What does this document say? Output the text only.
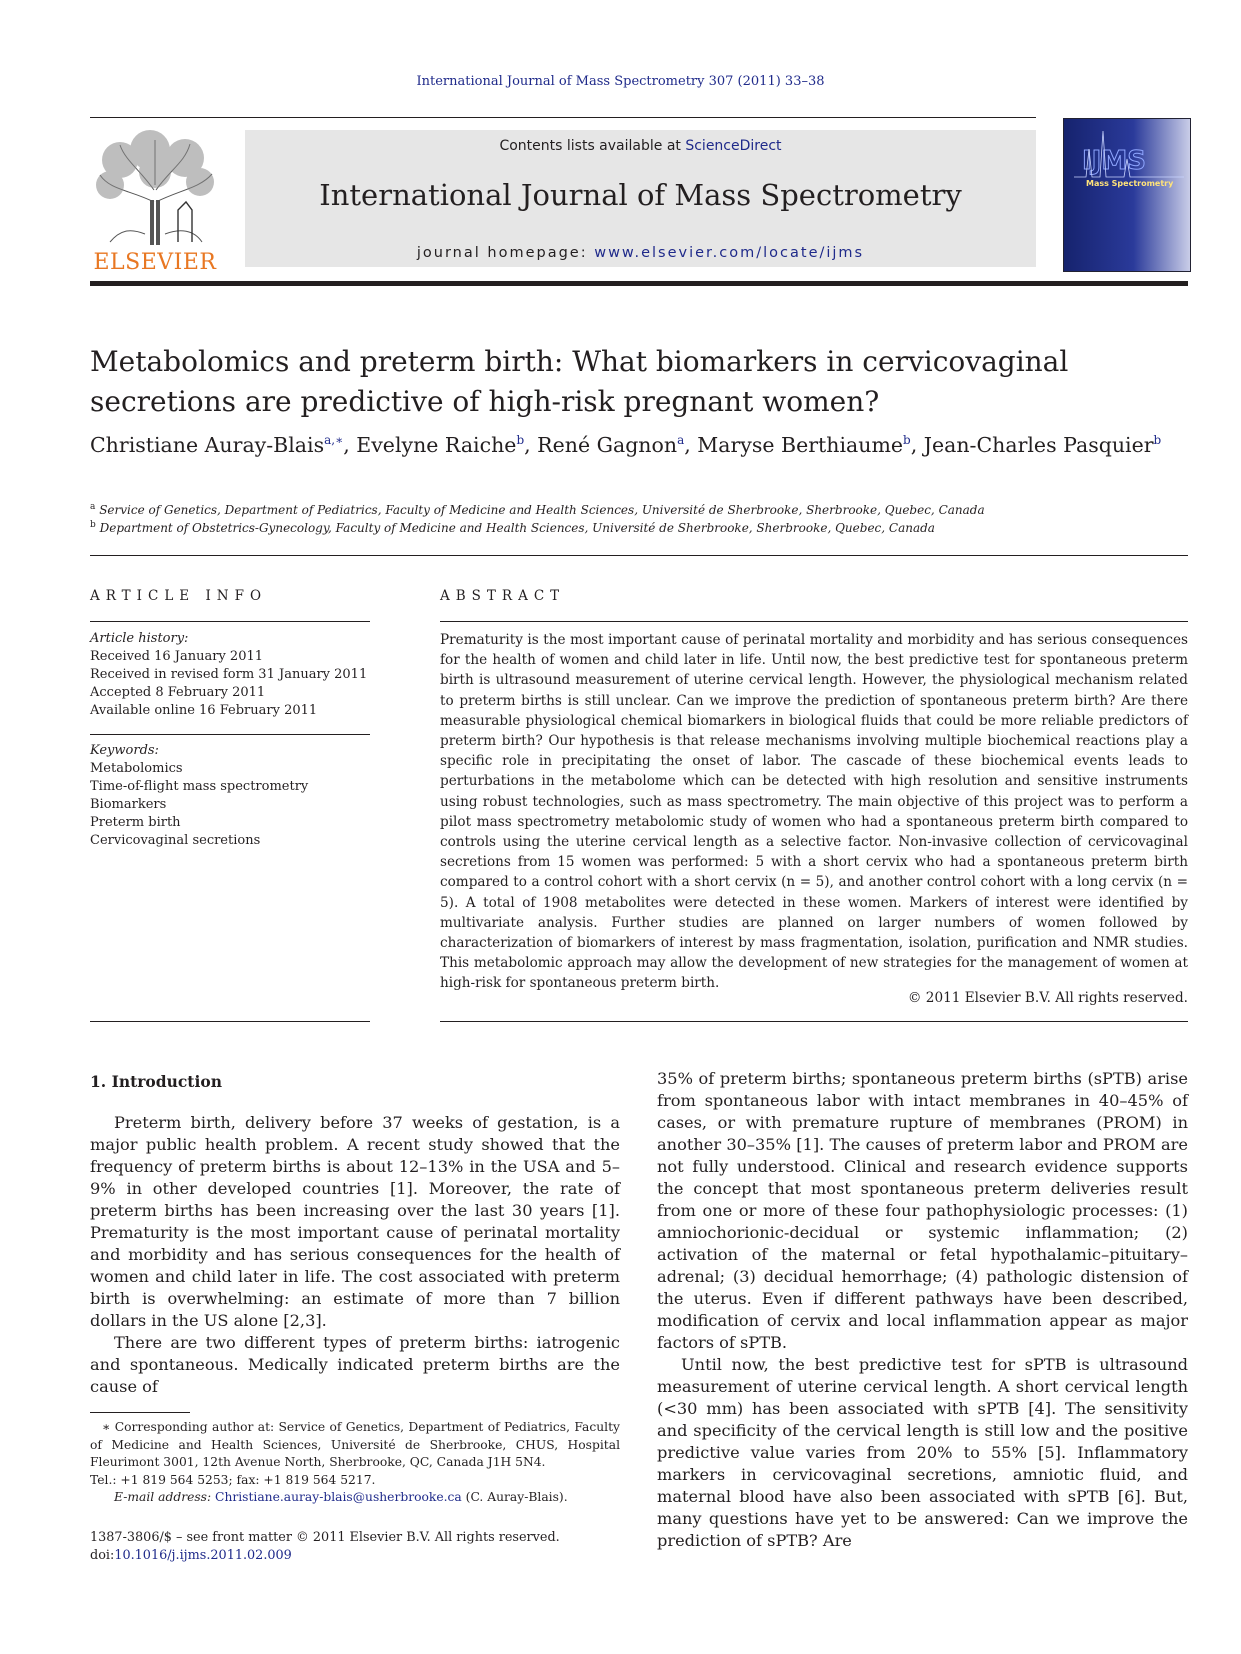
International Journal of Mass Spectrometry 307 (2011) 33–38
ELSEVIER
Contents lists available at ScienceDirect
International Journal of Mass Spectrometry
journal homepage: www.elsevier.com/locate/ijms
IJMS
Mass Spectrometry
Metabolomics and preterm birth: What biomarkers in cervicovaginal secretions are predictive of high-risk pregnant women?
Christiane Auray-Blais$^{a,∗}$, Evelyne Raiche$^b$, René Gagnon$^a$, Maryse Berthiaume$^b$, Jean-Charles Pasquier$^b$
$^a$ Service of Genetics, Department of Pediatrics, Faculty of Medicine and Health Sciences, Université de Sherbrooke, Sherbrooke, Quebec, Canada
$^b$ Department of Obstetrics-Gynecology, Faculty of Medicine and Health Sciences, Université de Sherbrooke, Sherbrooke, Quebec, Canada
ARTICLE INFO

Article history:

Received 16 January 2011

Received in revised form 31 January 2011

Accepted 8 February 2011

Available online 16 February 2011

Keywords:

Metabolomics

Time-of-flight mass spectrometry

Biomarkers

Preterm birth

Cervicovaginal secretions

ABSTRACT

Prematurity is the most important cause of perinatal mortality and morbidity and has serious consequences for the health of women and child later in life. Until now, the best predictive test for spontaneous preterm birth is ultrasound measurement of uterine cervical length. However, the physiological mechanism related to preterm births is still unclear. Can we improve the prediction of spontaneous preterm birth? Are there measurable physiological chemical biomarkers in biological fluids that could be more reliable predictors of preterm birth? Our hypothesis is that release mechanisms involving multiple biochemical reactions play a specific role in precipitating the onset of labor. The cascade of these biochemical events leads to perturbations in the metabolome which can be detected with high resolution and sensitive instruments using robust technologies, such as mass spectrometry. The main objective of this project was to perform a pilot mass spectrometry metabolomic study of women who had a spontaneous preterm birth compared to controls using the uterine cervical length as a selective factor. Non-invasive collection of cervicovaginal secretions from 15 women was performed: 5 with a short cervix who had a spontaneous preterm birth compared to a control cohort with a short cervix (n = 5), and another control cohort with a long cervix (n = 5). A total of 1908 metabolites were detected in these women. Markers of interest were identified by multivariate analysis. Further studies are planned on larger numbers of women followed by characterization of biomarkers of interest by mass fragmentation, isolation, purification and NMR studies. This metabolomic approach may allow the development of new strategies for the management of women at high-risk for spontaneous preterm birth.

© 2011 Elsevier B.V. All rights reserved.
1. Introduction

Preterm birth, delivery before 37 weeks of gestation, is a major public health problem. A recent study showed that the frequency of preterm births is about 12–13% in the USA and 5–9% in other developed countries [1]. Moreover, the rate of preterm births has been increasing over the last 30 years [1]. Prematurity is the most important cause of perinatal mortality and morbidity and has serious consequences for the health of women and child later in life. The cost associated with preterm birth is overwhelming: an estimate of more than 7 billion dollars in the US alone [2,3].

There are two different types of preterm births: iatrogenic and spontaneous. Medically indicated preterm births are the cause of

35% of preterm births; spontaneous preterm births (sPTB) arise from spontaneous labor with intact membranes in 40–45% of cases, or with premature rupture of membranes (PROM) in another 30–35% [1]. The causes of preterm labor and PROM are not fully understood. Clinical and research evidence supports the concept that most spontaneous preterm deliveries result from one or more of these four pathophysiologic processes: (1) amniochorionic-decidual or systemic inflammation; (2) activation of the maternal or fetal hypothalamic–pituitary–adrenal; (3) decidual hemorrhage; (4) pathologic distension of the uterus. Even if different pathways have been described, modification of cervix and local inflammation appear as major factors of sPTB.

Until now, the best predictive test for sPTB is ultrasound measurement of uterine cervical length. A short cervical length (<30 mm) has been associated with sPTB [4]. The sensitivity and specificity of the cervical length is still low and the positive predictive value varies from 20% to 55% [5]. Inflammatory markers in cervicovaginal secretions, amniotic fluid, and maternal blood have also been associated with sPTB [6]. But, many questions have yet to be answered: Can we improve the prediction of sPTB? Are

∗ Corresponding author at: Service of Genetics, Department of Pediatrics, Faculty of Medicine and Health Sciences, Université de Sherbrooke, CHUS, Hospital Fleurimont 3001, 12th Avenue North, Sherbrooke, QC, Canada J1H 5N4.

Tel.: +1 819 564 5253; fax: +1 819 564 5217.

E-mail address: Christiane.auray-blais@usherbrooke.ca (C. Auray-Blais).

1387-3806/$ – see front matter © 2011 Elsevier B.V. All rights reserved.

doi:10.1016/j.ijms.2011.02.009
